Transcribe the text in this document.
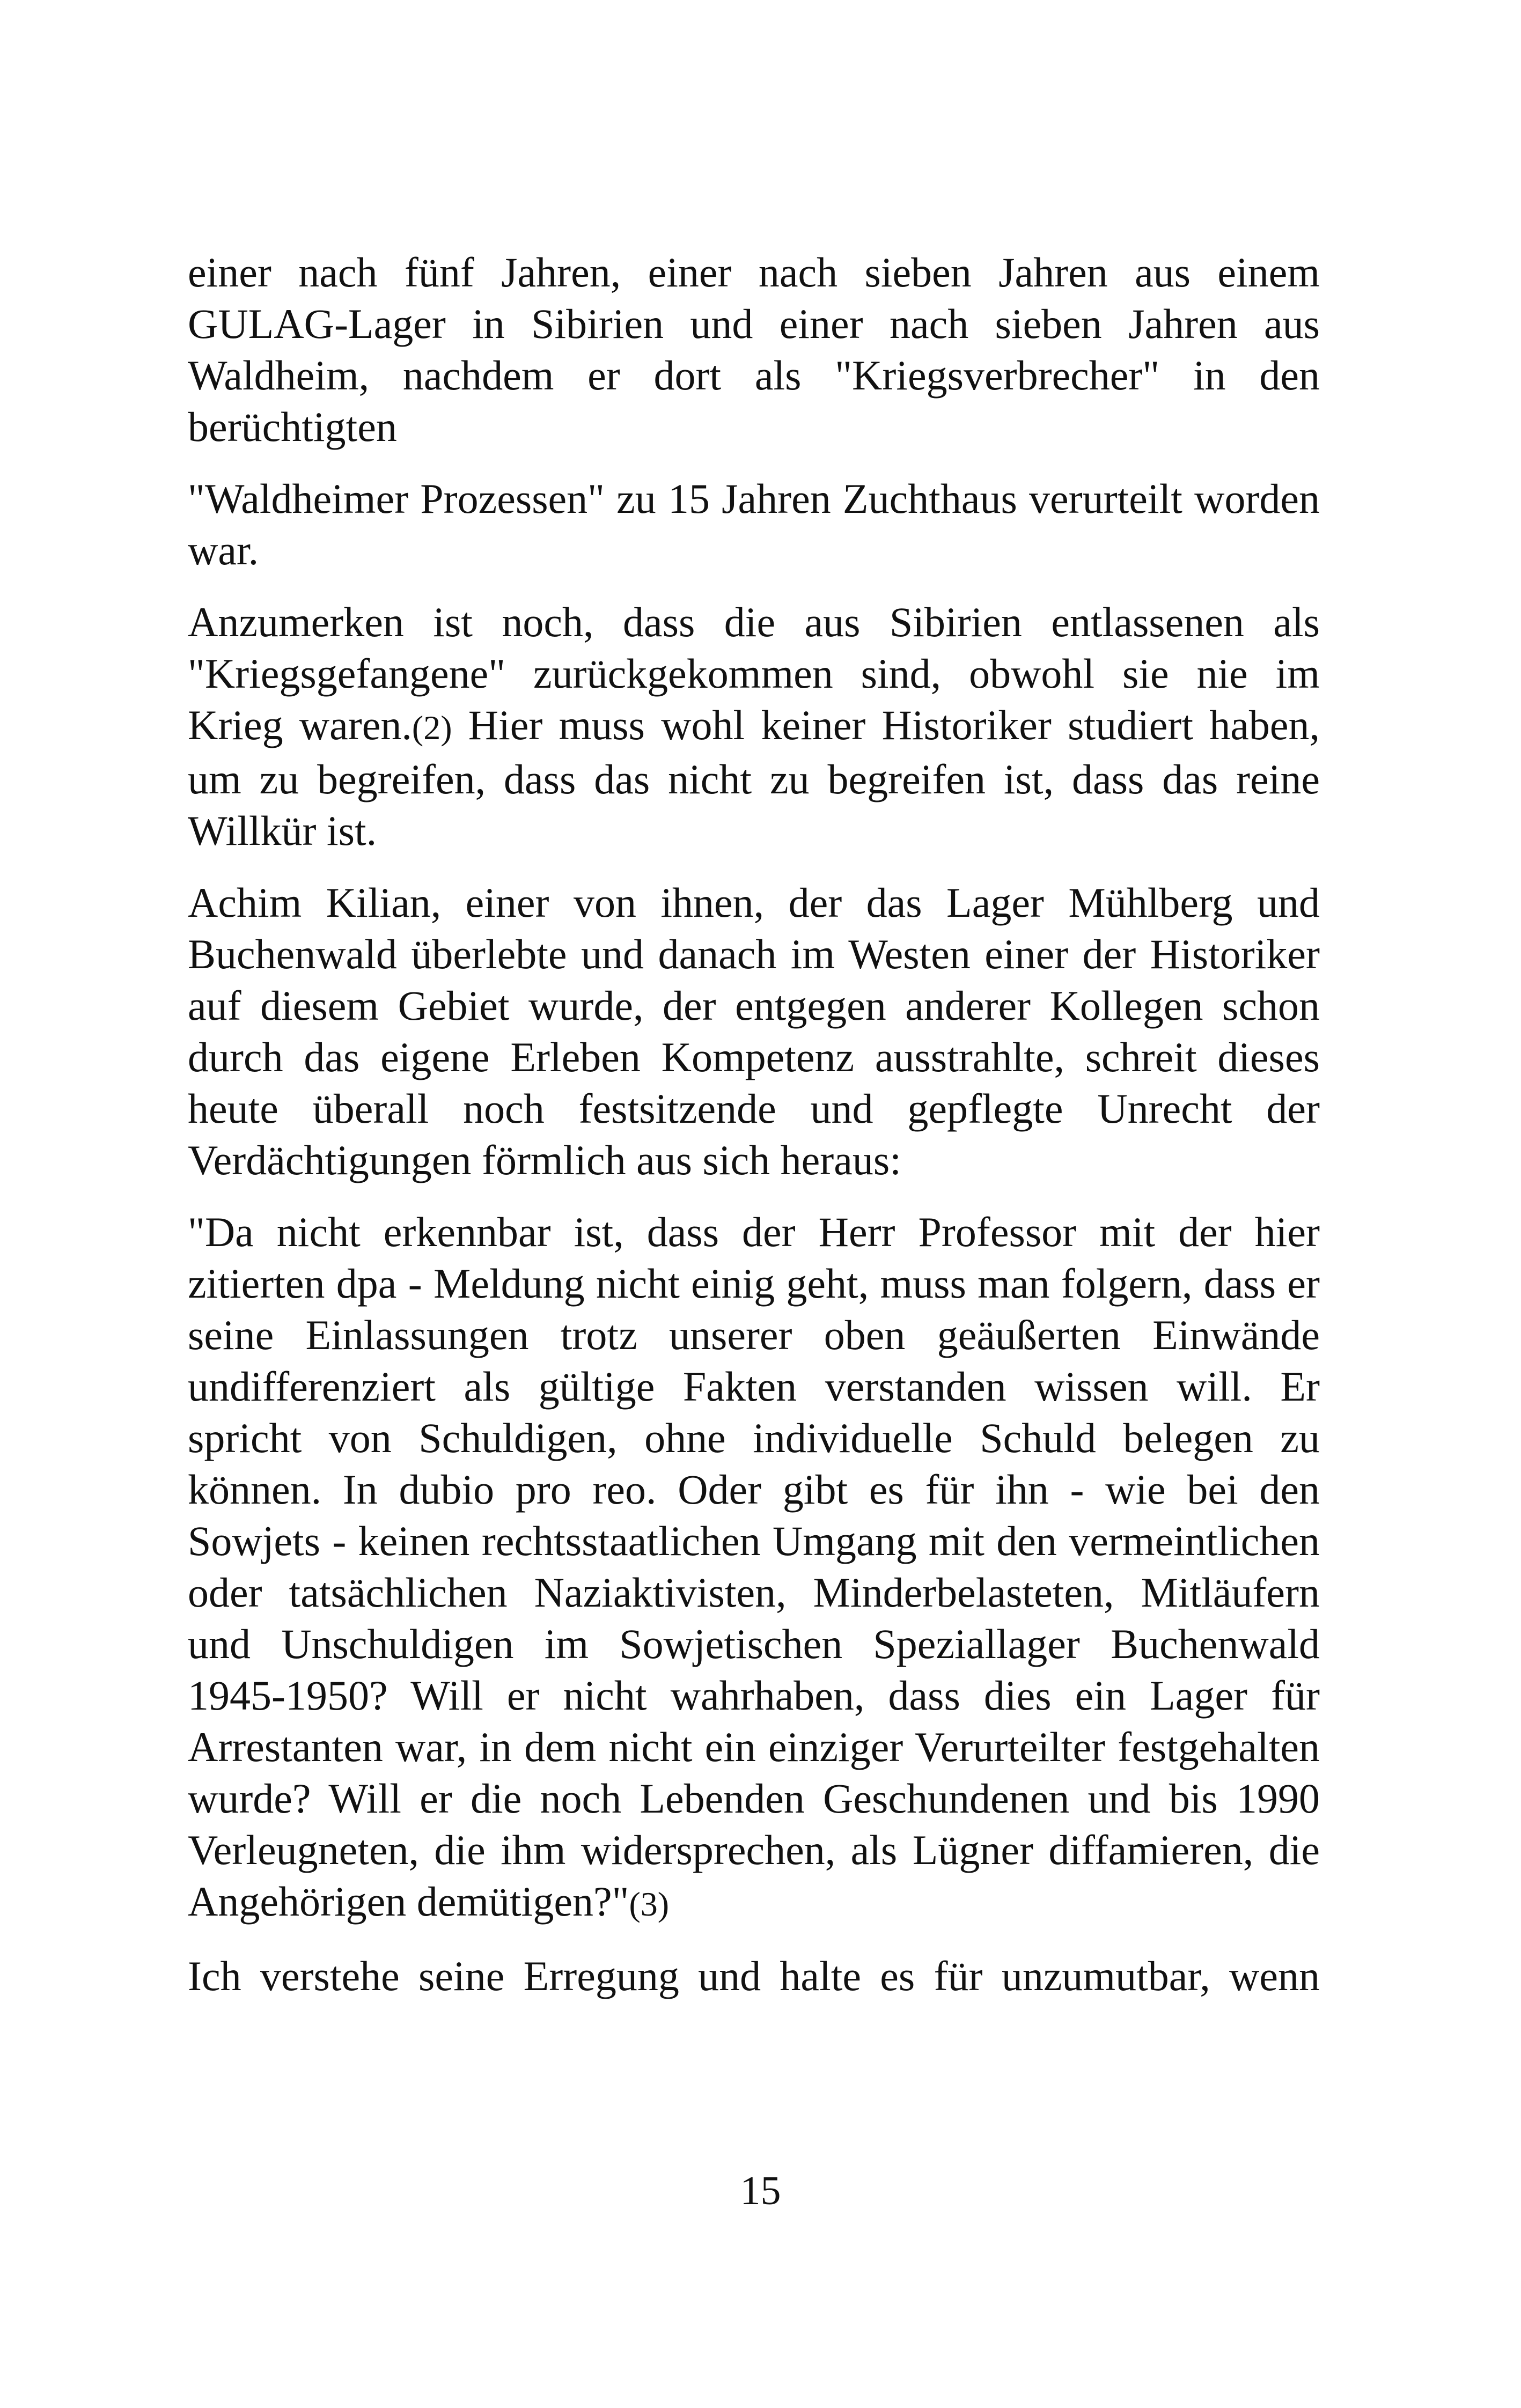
einer nach fünf Jahren, einer nach sieben Jahren aus einem GULAG-Lager in Sibirien und einer nach sieben Jahren aus Waldheim, nachdem er dort als "Kriegsverbrecher" in den berüchtigten

"Waldheimer Prozessen" zu 15 Jahren Zuchthaus verurteilt worden war.

Anzumerken ist noch, dass die aus Sibirien entlassenen als "Kriegsgefangene" zurückgekommen sind, obwohl sie nie im Krieg waren.(2) Hier muss wohl keiner Historiker studiert haben, um zu begreifen, dass das nicht zu begreifen ist, dass das reine Willkür ist.

Achim Kilian, einer von ihnen, der das Lager Mühlberg und Buchenwald überlebte und danach im Westen einer der Historiker auf diesem Gebiet wurde, der entgegen anderer Kollegen schon durch das eigene Erleben Kompetenz ausstrahlte, schreit dieses heute überall noch festsitzende und gepflegte Unrecht der Verdächtigungen förmlich aus sich heraus:

"Da nicht erkennbar ist, dass der Herr Professor mit der hier zitierten dpa - Meldung nicht einig geht, muss man folgern, dass er seine Einlassungen trotz unserer oben geäußerten Einwände undifferenziert als gültige Fakten verstanden wissen will. Er spricht von Schuldigen, ohne individuelle Schuld belegen zu können. In dubio pro reo. Oder gibt es für ihn - wie bei den Sowjets - keinen rechtsstaatlichen Umgang mit den vermeintlichen oder tatsächlichen Naziaktivisten, Minderbelasteten, Mitläufern und Unschuldigen im Sowjetischen Speziallager Buchenwald 1945-1950? Will er nicht wahrhaben, dass dies ein Lager für Arrestanten war, in dem nicht ein einziger Verurteilter festgehalten wurde? Will er die noch Lebenden Geschundenen und bis 1990 Verleugneten, die ihm widersprechen, als Lügner diffamieren, die Angehörigen demütigen?"(3)

Ich verstehe seine Erregung und halte es für unzumutbar, wenn

15
